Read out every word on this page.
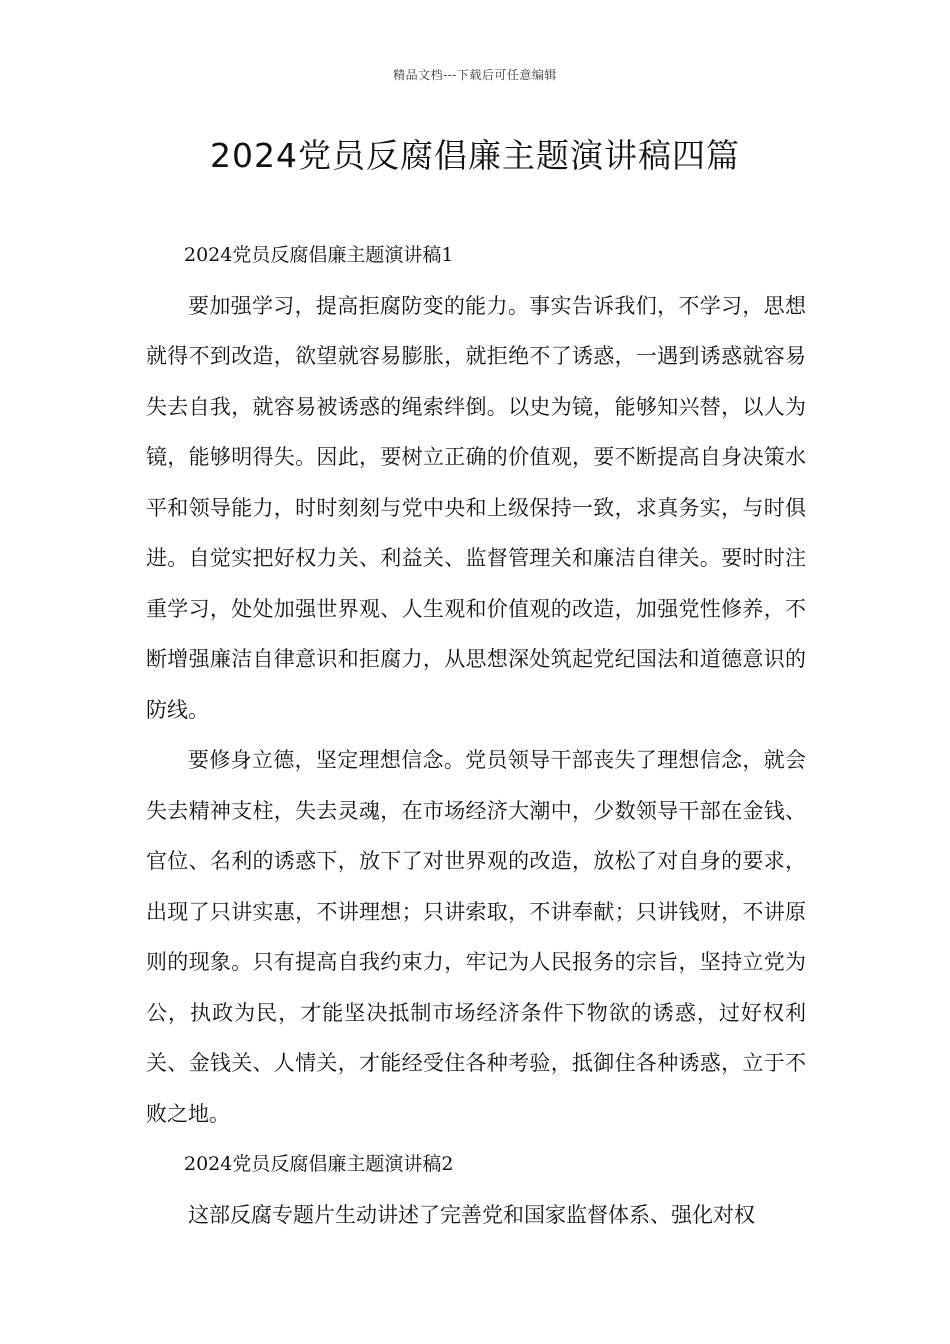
精品文档---下载后可任意编辑
2024党员反腐倡廉主题演讲稿四篇

2024党员反腐倡廉主题演讲稿1

要加强学习，提高拒腐防变的能力。事实告诉我们，不学习，思想就得不到改造，欲望就容易膨胀，就拒绝不了诱惑，一遇到诱惑就容易失去自我，就容易被诱惑的绳索绊倒。以史为镜，能够知兴替，以人为镜，能够明得失。因此，要树立正确的价值观，要不断提高自身决策水平和领导能力，时时刻刻与党中央和上级保持一致，求真务实，与时俱进。自觉实把好权力关、利益关、监督管理关和廉洁自律关。要时时注重学习，处处加强世界观、人生观和价值观的改造，加强党性修养，不断增强廉洁自律意识和拒腐力，从思想深处筑起党纪国法和道德意识的防线。

要修身立德，坚定理想信念。党员领导干部丧失了理想信念，就会失去精神支柱，失去灵魂，在市场经济大潮中，少数领导干部在金钱、官位、名利的诱惑下，放下了对世界观的改造，放松了对自身的要求，出现了只讲实惠，不讲理想；只讲索取，不讲奉献；只讲钱财，不讲原则的现象。只有提高自我约束力，牢记为人民报务的宗旨，坚持立党为公，执政为民，才能坚决抵制市场经济条件下物欲的诱惑，过好权利关、金钱关、人情关，才能经受住各种考验，抵御住各种诱惑，立于不败之地。

2024党员反腐倡廉主题演讲稿2

这部反腐专题片生动讲述了完善党和国家监督体系、强化对权
